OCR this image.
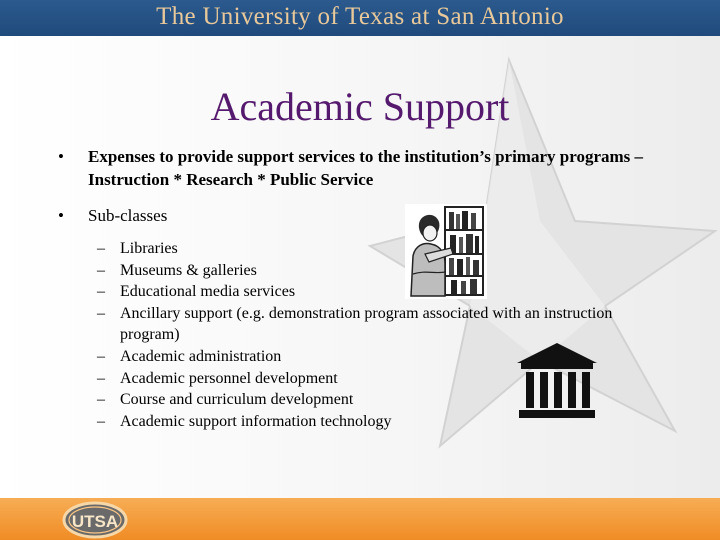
The University of Texas at San Antonio
Academic Support
• Expenses to provide support services to the institution’s primary programs – Instruction * Research * Public Service
• Sub-classes
– Libraries
– Museums & galleries
– Educational media services
– Ancillary support (e.g. demonstration program associated with an instruction program)
– Academic administration
– Academic personnel development
– Course and curriculum development
– Academic support information technology
UTSA
